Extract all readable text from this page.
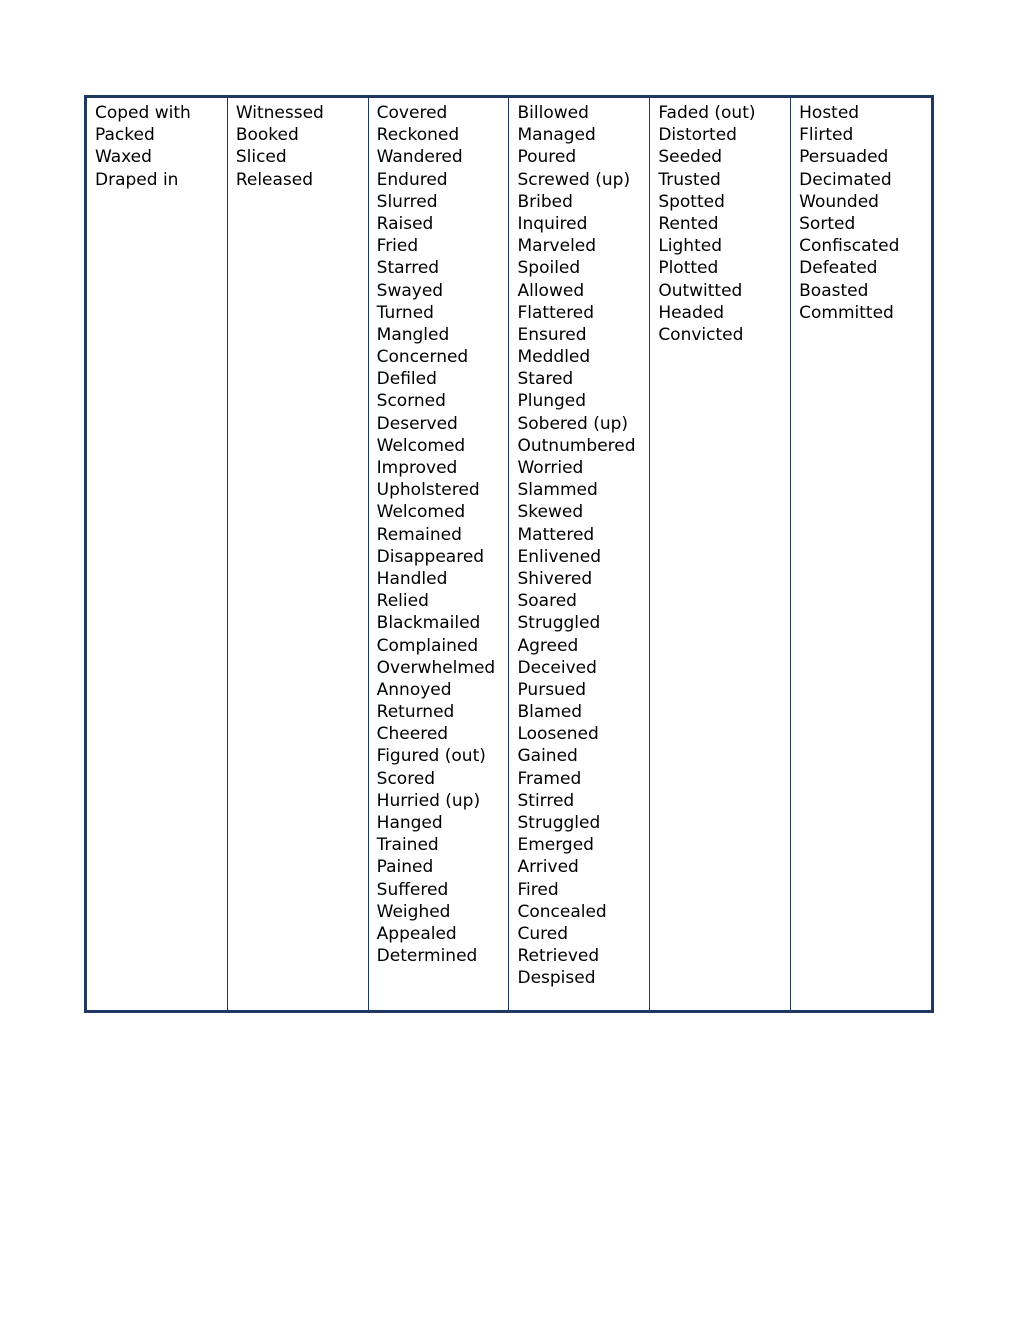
Coped with
Packed
Waxed
Draped in
Witnessed
Booked
Sliced
Released
Covered
Reckoned
Wandered
Endured
Slurred
Raised
Fried
Starred
Swayed
Turned
Mangled
Concerned
Defiled
Scorned
Deserved
Welcomed
Improved
Upholstered
Welcomed
Remained
Disappeared
Handled
Relied
Blackmailed
Complained
Overwhelmed
Annoyed
Returned
Cheered
Figured (out)
Scored
Hurried (up)
Hanged
Trained
Pained
Suffered
Weighed
Appealed
Determined
Billowed
Managed
Poured
Screwed (up)
Bribed
Inquired
Marveled
Spoiled
Allowed
Flattered
Ensured
Meddled
Stared
Plunged
Sobered (up)
Outnumbered
Worried
Slammed
Skewed
Mattered
Enlivened
Shivered
Soared
Struggled
Agreed
Deceived
Pursued
Blamed
Loosened
Gained
Framed
Stirred
Struggled
Emerged
Arrived
Fired
Concealed
Cured
Retrieved
Despised
Faded (out)
Distorted
Seeded
Trusted
Spotted
Rented
Lighted
Plotted
Outwitted
Headed
Convicted
Hosted
Flirted
Persuaded
Decimated
Wounded
Sorted
Confiscated
Defeated
Boasted
Committed
